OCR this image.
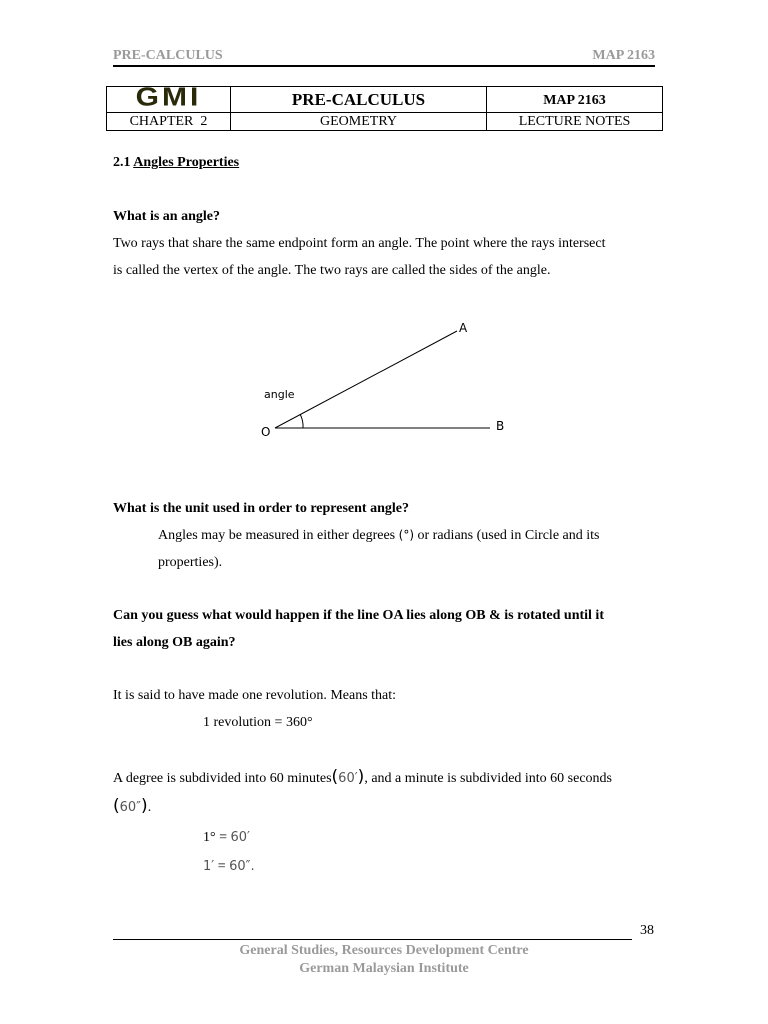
PRE-CALCULUS	MAP 2163
GMI	PRE-CALCULUS	MAP 2163
CHAPTER  2	GEOMETRY	LECTURE NOTES
2.1 Angles Properties
What is an angle?
Two rays that share the same endpoint form an angle. The point where the rays intersect
is called the vertex of the angle. The two rays are called the sides of the angle.
A
B
O
angle
What is the unit used in order to represent angle?
Angles may be measured in either degrees (°) or radians (used in Circle and its
properties).
Can you guess what would happen if the line OA lies along OB & is rotated until it
lies along OB again?
It is said to have made one revolution. Means that:
1 revolution = 360°
A degree is subdivided into 60 minutes(60′), and a minute is subdivided into 60 seconds
(60″).
1° = 60′
1′ = 60″.
38
General Studies, Resources Development Centre
German Malaysian Institute
